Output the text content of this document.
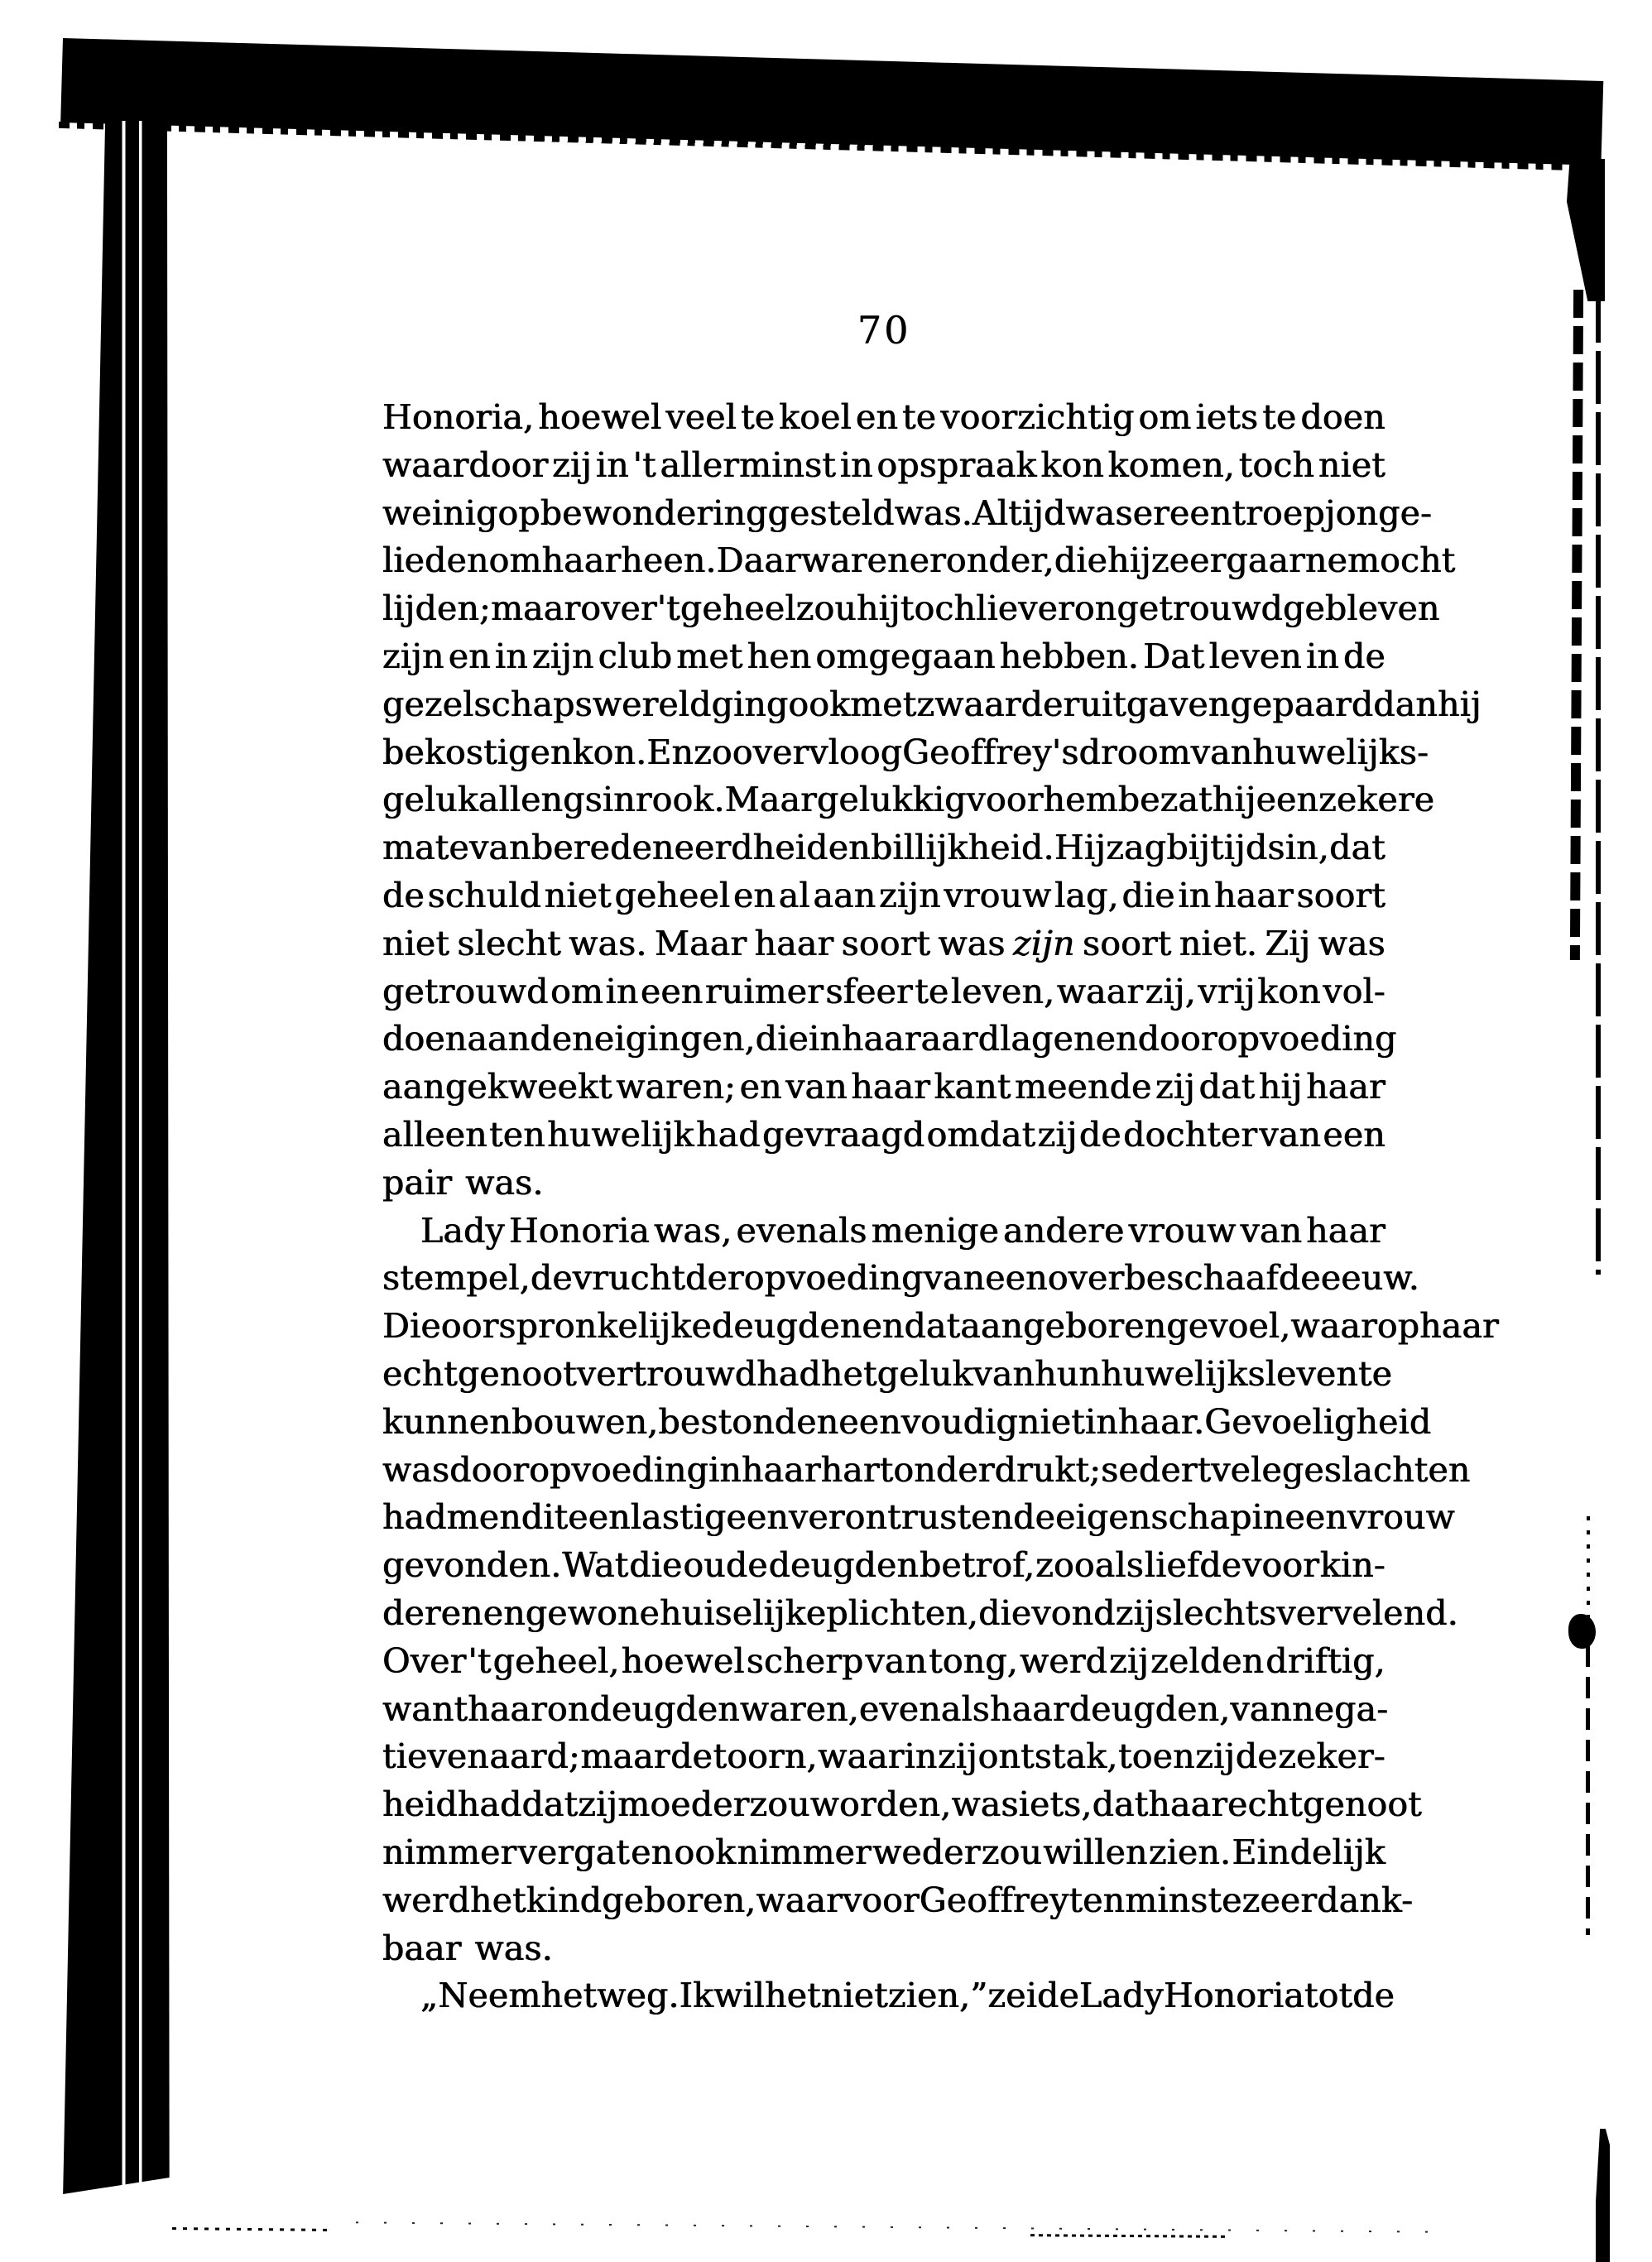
70
Honoria, hoewel veel te koel en te voorzichtig om iets te doen
waardoor zij in 't allerminst in opspraak kon komen, toch niet
weinig op bewondering gesteld was. Altijd was er een troep jonge-
lieden om haar heen. Daar waren er onder, die hij zeer gaarne mocht
lijden; maar over 't geheel zou hij toch liever ongetrouwd gebleven
zijn en in zijn club met hen omgegaan hebben. Dat leven in de
gezelschapswereld ging ook met zwaarder uitgaven gepaard dan hij
bekostigen kon. En zoo vervloog Geoffrey's droom van huwelijks-
geluk allengs in rook. Maar gelukkig voor hem bezat hij een zekere
mate van beredeneerdheid en billijkheid. Hij zag bijtijds in, dat
de schuld niet geheel en al aan zijn vrouw lag, die in haar soort
niet slecht was. Maar haar soort was zijn soort niet. Zij was
getrouwd om in een ruimer sfeer te leven, waar zij, vrij kon vol-
doen aan de neigingen, die in haar aard lagen en door opvoeding
aangekweekt waren; en van haar kant meende zij dat hij haar
alleen ten huwelijk had gevraagd omdat zij de dochter van een
pair was.
Lady Honoria was, evenals menige andere vrouw van haar
stempel, de vrucht der opvoeding van een overbeschaafde eeuw.
Die oorspronkelijke deugden en dat aangeboren gevoel, waarop haar
echtgenoot vertrouwd had het geluk van hun huwelijksleven te
kunnen bouwen, bestonden eenvoudig niet in haar. Gevoeligheid
was door opvoeding in haar hart onderdrukt; sedert vele geslachten
had men dit een lastige en verontrustende eigenschap in een vrouw
gevonden. Wat die oude deugden betrof, zooals liefde voor kin-
deren en gewone huiselijke plichten, die vond zij slechts vervelend.
Over 't geheel, hoewel scherp van tong, werd zij zelden driftig,
want haar ondeugden waren, evenals haar deugden, van nega-
tieven aard; maar de toorn, waarin zij ontstak, toen zij de zeker-
heid had dat zij moeder zou worden, was iets, dat haar echtgenoot
nimmer vergat en ook nimmer weder zou willen zien. Eindelijk
werd het kind geboren, waarvoor Geoffrey ten minste zeer dank-
baar was.
„Neem het weg. Ik wil het niet zien,” zeide Lady Honoria tot de
